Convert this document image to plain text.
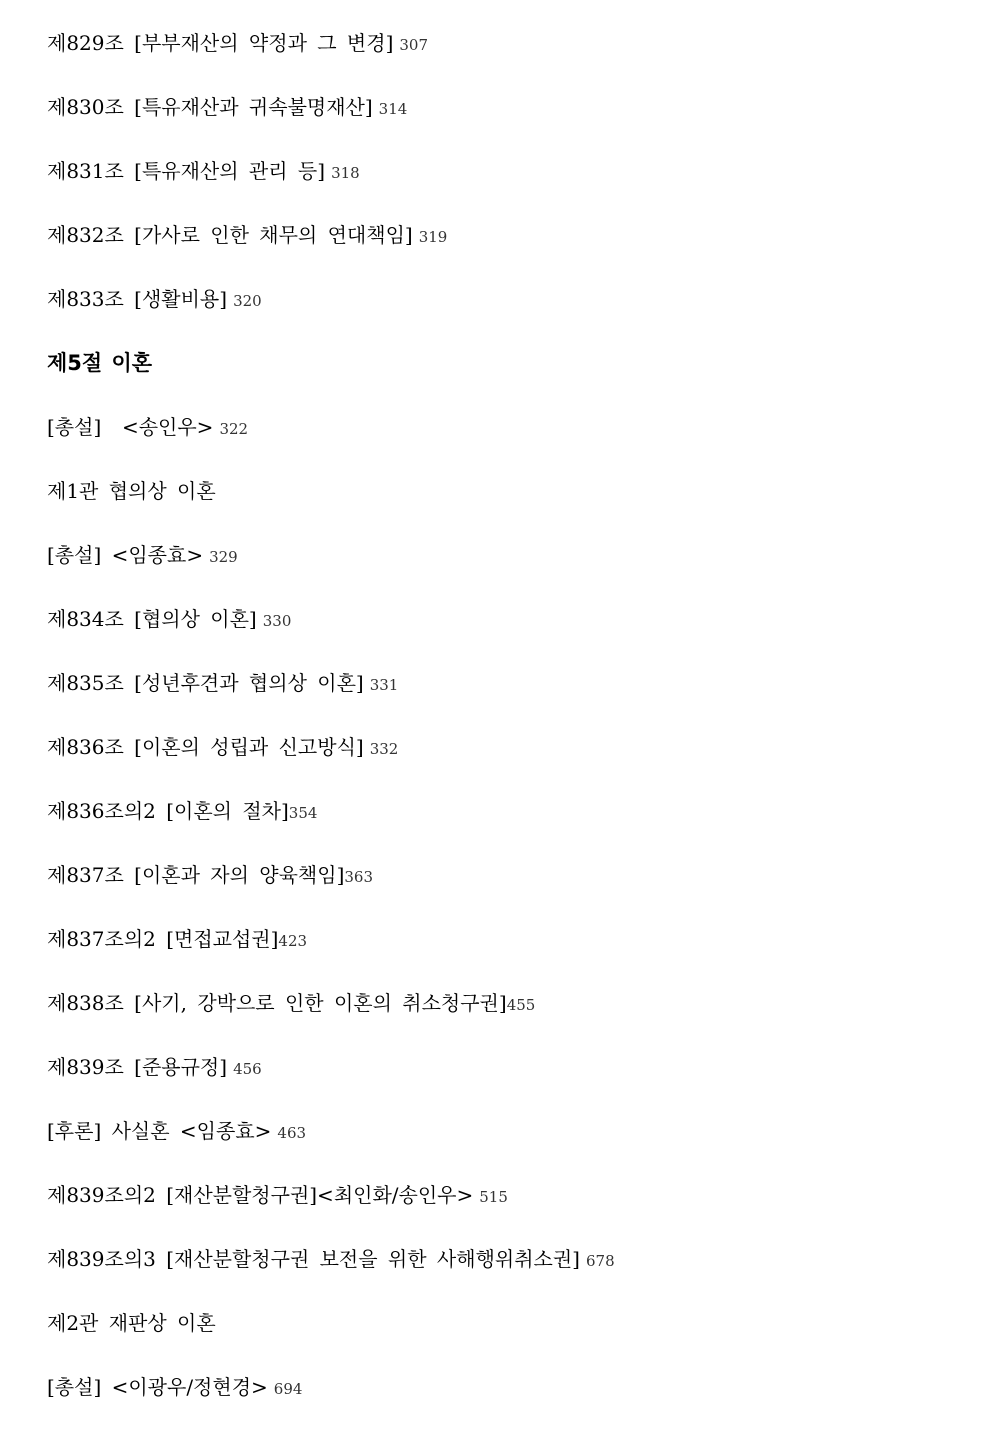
제829조 [부부재산의 약정과 그 변경] 307
제830조 [특유재산과 귀속불명재산] 314
제831조 [특유재산의 관리 등] 318
제832조 [가사로 인한 채무의 연대책임] 319
제833조 [생활비용] 320
제5절 이혼
[총설]  <송인우> 322
제1관 협의상 이혼
[총설] <임종효> 329
제834조 [협의상 이혼] 330
제835조 [성년후견과 협의상 이혼] 331
제836조 [이혼의 성립과 신고방식] 332
제836조의2 [이혼의 절차]354
제837조 [이혼과 자의 양육책임]363
제837조의2 [면접교섭권]423
제838조 [사기, 강박으로 인한 이혼의 취소청구권]455
제839조 [준용규정] 456
[후론] 사실혼 <임종효> 463
제839조의2 [재산분할청구권]<최인화/송인우> 515
제839조의3 [재산분할청구권 보전을 위한 사해행위취소권] 678
제2관 재판상 이혼
[총설] <이광우/정현경> 694
